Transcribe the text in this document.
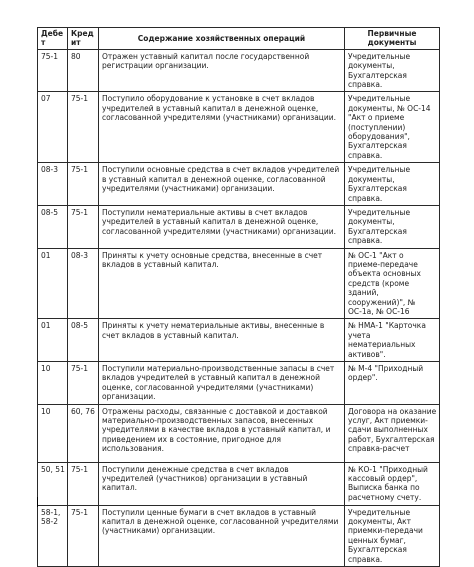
Дебет	Кредит	Содержание хозяйственных операций	Первичные документы
75-1	80	Отражен уставный капитал после государственной регистрации организации.	Учредительные документы, Бухгалтерская справка.
07	75-1	Поступило оборудование к установке в счет вкладов учредителей в уставный капитал в денежной оценке, согласованной учредителями (участниками) организации.	Учредительные документы, № ОС-14 "Акт о приеме (поступлении) оборудования", Бухгалтерская справка.
08-3	75-1	Поступили основные средства в счет вкладов учредителей в уставный капитал в денежной оценке, согласованной учредителями (участниками) организации.	Учредительные документы, Бухгалтерская справка.
08-5	75-1	Поступили нематериальные активы в счет вкладов учредителей в уставный капитал в денежной оценке, согласованной учредителями (участниками) организации.	Учредительные документы, Бухгалтерская справка.
01	08-3	Приняты к учету основные средства, внесенные в счет вкладов в уставный капитал.	№ ОС-1 "Акт о приеме-передаче объекта основных средств (кроме зданий, сооружений)", № ОС-1а, № ОС-16
01	08-5	Приняты к учету нематериальные активы, внесенные в счет вкладов в уставный капитал.	№ НМА-1 "Карточка учета нематериальных активов".
10	75-1	Поступили материально-производственные запасы в счет вкладов учредителей в уставный капитал в денежной оценке, согласованной учредителями (участниками) организации.	№ М-4 "Приходный ордер".
10	60, 76	Отражены расходы, связанные с доставкой и доставкой материально-производственных запасов, внесенных учредителями в качестве вкладов в уставный капитал, и приведением их в состояние, пригодное для использования.	Договора на оказание услуг, Акт приемки-сдачи выполненных работ, Бухгалтерская справка-расчет
50, 51	75-1	Поступили денежные средства в счет вкладов учредителей (участников) организации в уставный капитал.	№ КО-1 "Приходный кассовый ордер", Выписка банка по расчетному счету.
58-1, 58-2	75-1	Поступили ценные бумаги в счет вкладов в уставный капитал в денежной оценке, согласованной учредителями (участниками) организации.	Учредительные документы, Акт приемки-передачи ценных бумаг, Бухгалтерская справка.
